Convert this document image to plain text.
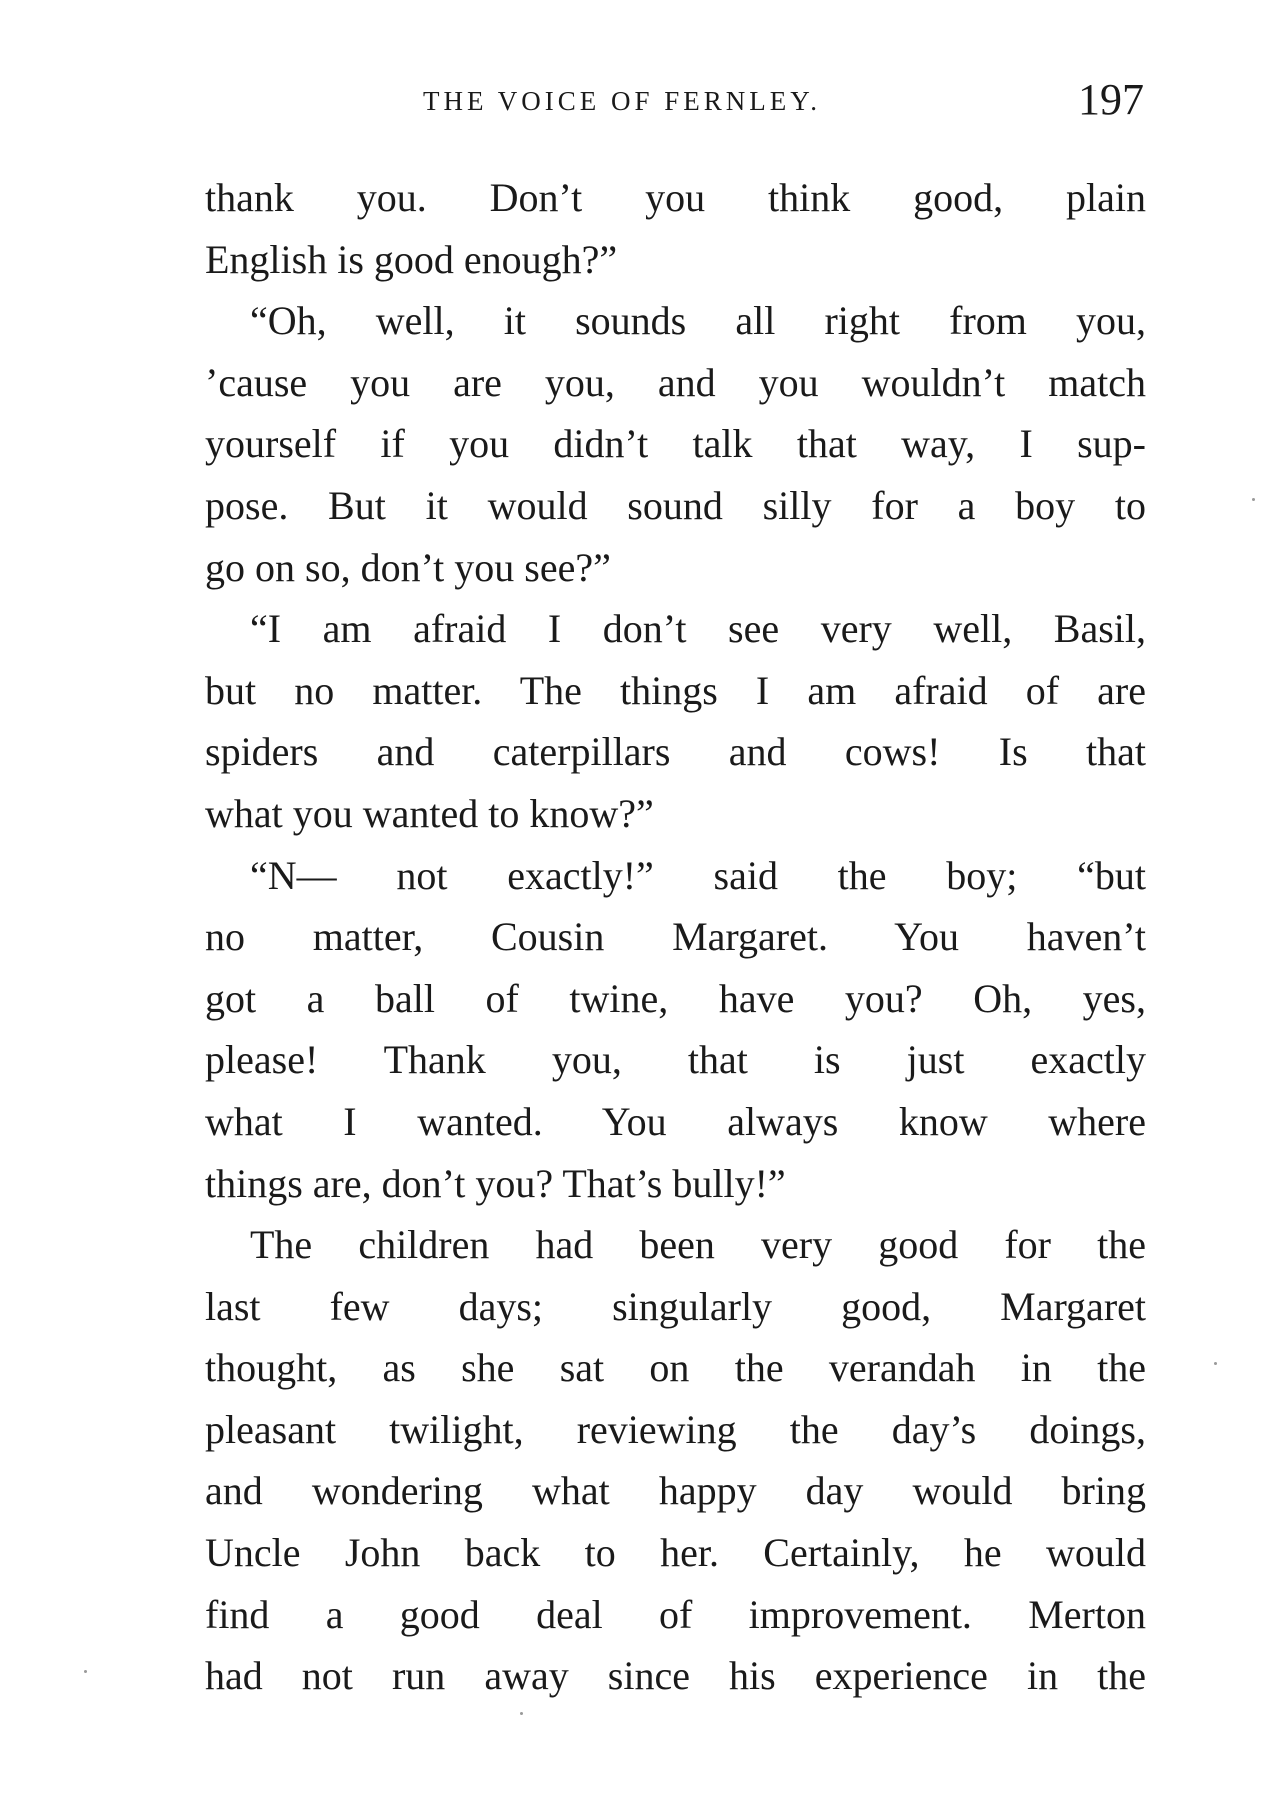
THE VOICE OF FERNLEY.	197
thank you. Don’t you think good, plain
English is good enough?”
“Oh, well, it sounds all right from you,
’cause you are you, and you wouldn’t match
yourself if you didn’t talk that way, I sup-
pose. But it would sound silly for a boy to
go on so, don’t you see?”
“I am afraid I don’t see very well, Basil,
but no matter. The things I am afraid of are
spiders and caterpillars and cows! Is that
what you wanted to know?”
“N— not exactly!” said the boy; “but
no matter, Cousin Margaret. You haven’t
got a ball of twine, have you? Oh, yes,
please! Thank you, that is just exactly
what I wanted. You always know where
things are, don’t you? That’s bully!”
The children had been very good for the
last few days; singularly good, Margaret
thought, as she sat on the verandah in the
pleasant twilight, reviewing the day’s doings,
and wondering what happy day would bring
Uncle John back to her. Certainly, he would
find a good deal of improvement. Merton
had not run away since his experience in the
